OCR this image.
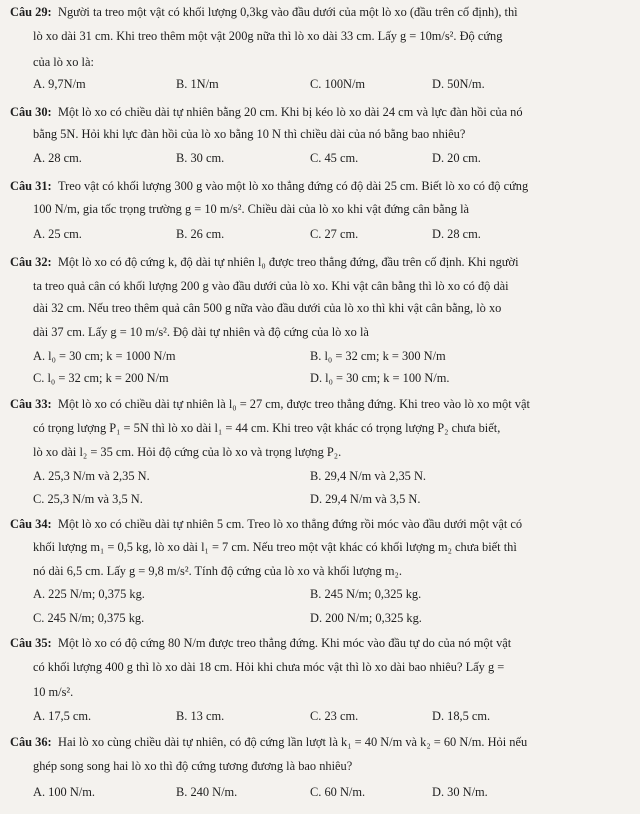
Câu 29: Người ta treo một vật có khối lượng 0,3kg vào đầu dưới của một lò xo (đầu trên cố định), thì
lò xo dài 31 cm. Khi treo thêm một vật 200g nữa thì lò xo dài 33 cm. Lấy g = 10m/s². Độ cứng
của lò xo là:
A. 9,7N/m	B. 1N/m	C. 100N/m	D. 50N/m.
Câu 30: Một lò xo có chiều dài tự nhiên bằng 20 cm. Khi bị kéo lò xo dài 24 cm và lực đàn hồi của nó
bằng 5N. Hỏi khi lực đàn hồi của lò xo bằng 10 N thì chiều dài của nó bằng bao nhiêu?
A. 28 cm.	B. 30 cm.	C. 45 cm.	D. 20 cm.
Câu 31: Treo vật có khối lượng 300 g vào một lò xo thẳng đứng có độ dài 25 cm. Biết lò xo có độ cứng
100 N/m, gia tốc trọng trường g = 10 m/s². Chiều dài của lò xo khi vật đứng cân bằng là
A. 25 cm.	B. 26 cm.	C. 27 cm.	D. 28 cm.
Câu 32: Một lò xo có độ cứng k, độ dài tự nhiên l₀ được treo thẳng đứng, đầu trên cố định. Khi người
ta treo quả cân có khối lượng 200 g vào đầu dưới của lò xo. Khi vật cân bằng thì lò xo có độ dài
dài 32 cm. Nếu treo thêm quả cân 500 g nữa vào đầu dưới của lò xo thì khi vật cân bằng, lò xo
dài 37 cm. Lấy g = 10 m/s². Độ dài tự nhiên và độ cứng của lò xo là
A. l₀ = 30 cm; k = 1000 N/m	B. l₀ = 32 cm; k = 300 N/m
C. l₀ = 32 cm; k = 200 N/m	D. l₀ = 30 cm; k = 100 N/m.
Câu 33: Một lò xo có chiều dài tự nhiên là l₀ = 27 cm, được treo thẳng đứng. Khi treo vào lò xo một vật
có trọng lượng P₁ = 5N thì lò xo dài l₁ = 44 cm. Khi treo vật khác có trọng lượng P₂ chưa biết,
lò xo dài l₂ = 35 cm. Hỏi độ cứng của lò xo và trọng lượng P₂.
A. 25,3 N/m và 2,35 N.	B. 29,4 N/m và 2,35 N.
C. 25,3 N/m và 3,5 N.	D. 29,4 N/m và 3,5 N.
Câu 34: Một lò xo có chiều dài tự nhiên 5 cm. Treo lò xo thẳng đứng rồi móc vào đầu dưới một vật có
khối lượng m₁ = 0,5 kg, lò xo dài l₁ = 7 cm. Nếu treo một vật khác có khối lượng m₂ chưa biết thì
nó dài 6,5 cm. Lấy g = 9,8 m/s². Tính độ cứng của lò xo và khối lượng m₂.
A. 225 N/m; 0,375 kg.	B. 245 N/m; 0,325 kg.
C. 245 N/m; 0,375 kg.	D. 200 N/m; 0,325 kg.
Câu 35: Một lò xo có độ cứng 80 N/m được treo thẳng đứng. Khi móc vào đầu tự do của nó một vật
có khối lượng 400 g thì lò xo dài 18 cm. Hỏi khi chưa móc vật thì lò xo dài bao nhiêu? Lấy g =
10 m/s².
A. 17,5 cm.	B. 13 cm.	C. 23 cm.	D. 18,5 cm.
Câu 36: Hai lò xo cùng chiều dài tự nhiên, có độ cứng lần lượt là k₁ = 40 N/m và k₂ = 60 N/m. Hỏi nếu
ghép song song hai lò xo thì độ cứng tương đương là bao nhiêu?
A. 100 N/m.	B. 240 N/m.	C. 60 N/m.	D. 30 N/m.
